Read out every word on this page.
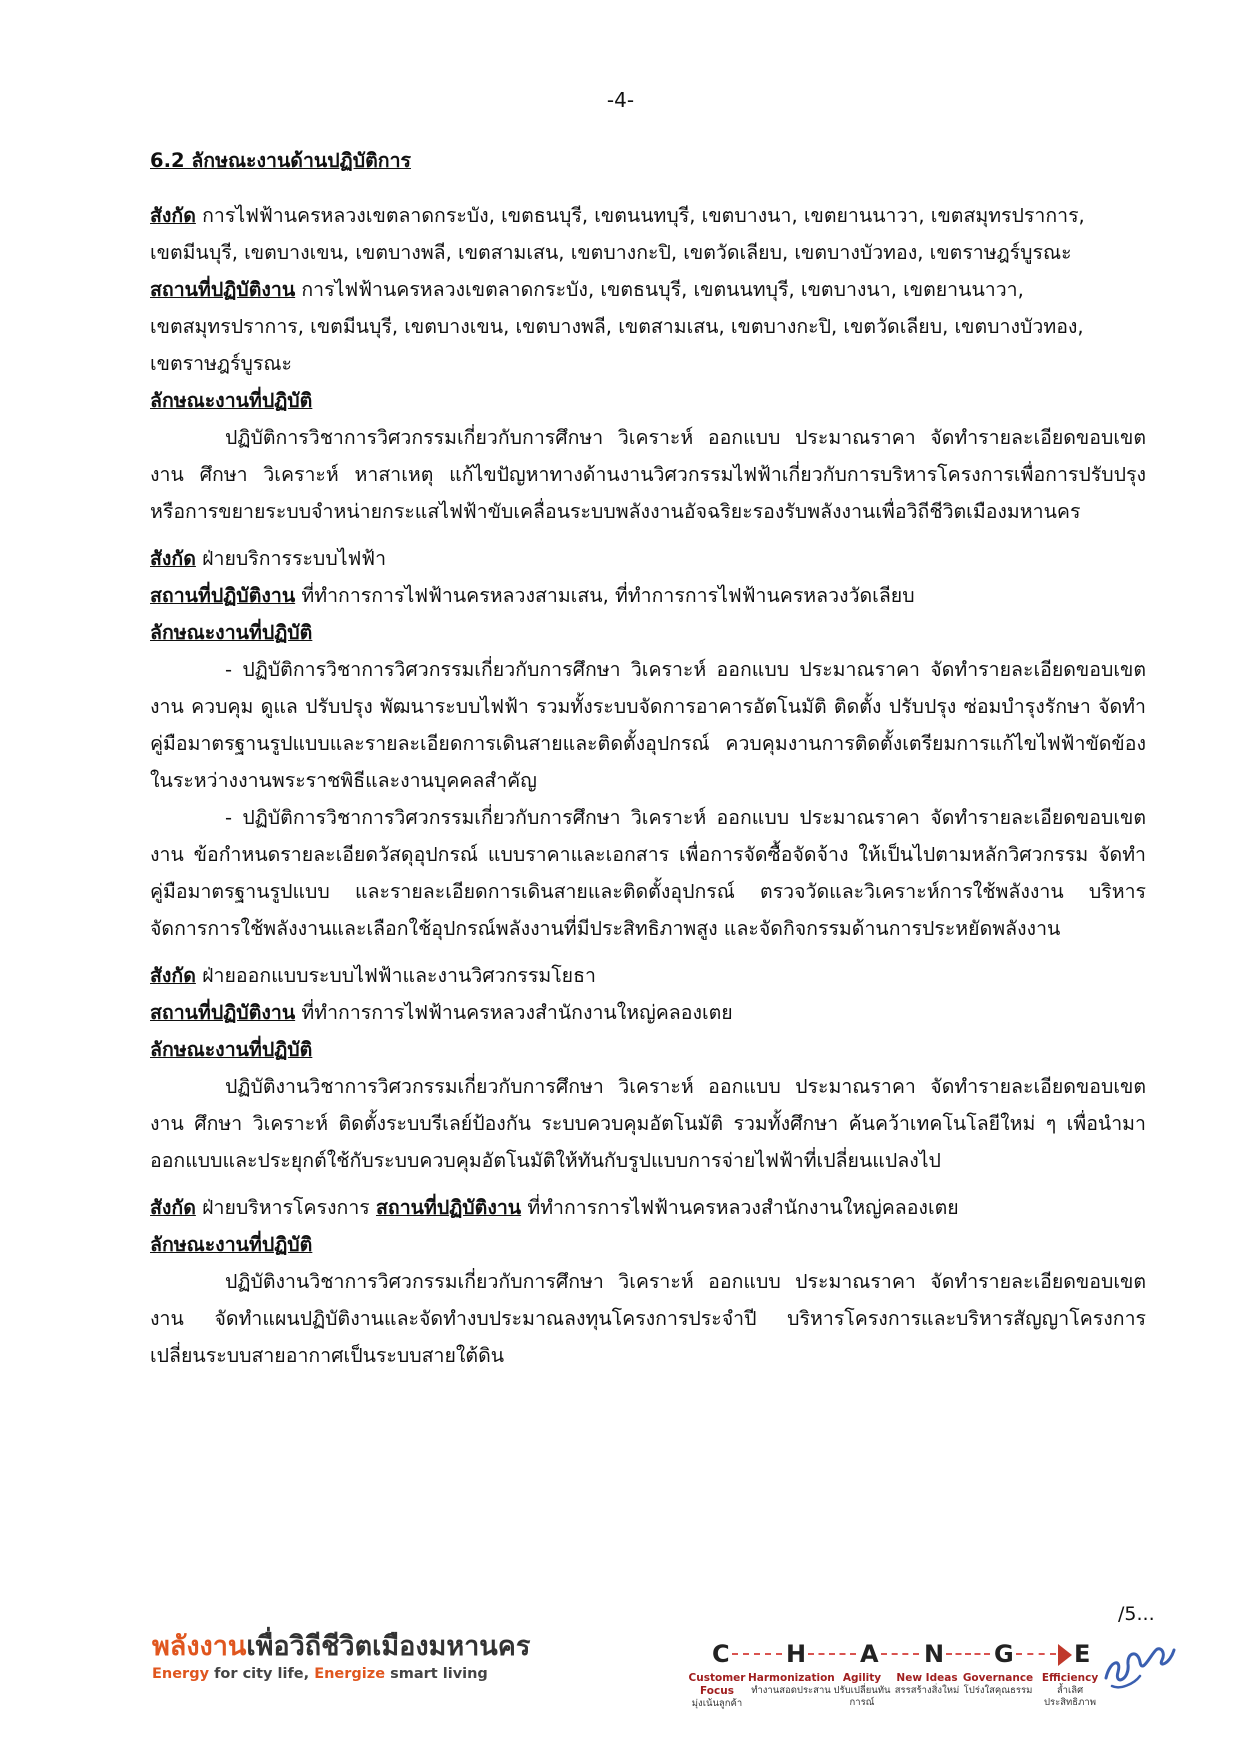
-4-

6.2 ลักษณะงานด้านปฏิบัติการ

สังกัด การไฟฟ้านครหลวงเขตลาดกระบัง, เขตธนบุรี, เขตนนทบุรี, เขตบางนา, เขตยานนาวา, เขตสมุทรปราการ,

เขตมีนบุรี, เขตบางเขน, เขตบางพลี, เขตสามเสน, เขตบางกะปิ, เขตวัดเลียบ, เขตบางบัวทอง, เขตราษฎร์บูรณะ

สถานที่ปฏิบัติงาน การไฟฟ้านครหลวงเขตลาดกระบัง, เขตธนบุรี, เขตนนทบุรี, เขตบางนา, เขตยานนาวา,

เขตสมุทรปราการ, เขตมีนบุรี, เขตบางเขน, เขตบางพลี, เขตสามเสน, เขตบางกะปิ, เขตวัดเลียบ, เขตบางบัวทอง,

เขตราษฎร์บูรณะ

ลักษณะงานที่ปฏิบัติ

ปฏิบัติการวิชาการวิศวกรรมเกี่ยวกับการศึกษา วิเคราะห์ ออกแบบ ประมาณราคา จัดทำรายละเอียดขอบเขตงาน ศึกษา วิเคราะห์ หาสาเหตุ แก้ไขปัญหาทางด้านงานวิศวกรรมไฟฟ้าเกี่ยวกับการบริหารโครงการเพื่อการปรับปรุง หรือการขยายระบบจำหน่ายกระแสไฟฟ้าขับเคลื่อนระบบพลังงานอัจฉริยะรองรับพลังงานเพื่อวิถีชีวิตเมืองมหานคร

สังกัด ฝ่ายบริการระบบไฟฟ้า

สถานที่ปฏิบัติงาน ที่ทำการการไฟฟ้านครหลวงสามเสน, ที่ทำการการไฟฟ้านครหลวงวัดเลียบ

ลักษณะงานที่ปฏิบัติ

- ปฏิบัติการวิชาการวิศวกรรมเกี่ยวกับการศึกษา วิเคราะห์ ออกแบบ ประมาณราคา จัดทำรายละเอียดขอบเขตงาน ควบคุม ดูแล ปรับปรุง พัฒนาระบบไฟฟ้า รวมทั้งระบบจัดการอาคารอัตโนมัติ ติดตั้ง ปรับปรุง ซ่อมบำรุงรักษา จัดทำคู่มือมาตรฐานรูปแบบและรายละเอียดการเดินสายและติดตั้งอุปกรณ์ ควบคุมงานการติดตั้งเตรียมการแก้ไขไฟฟ้าขัดข้องในระหว่างงานพระราชพิธีและงานบุคคลสำคัญ

- ปฏิบัติการวิชาการวิศวกรรมเกี่ยวกับการศึกษา วิเคราะห์ ออกแบบ ประมาณราคา จัดทำรายละเอียดขอบเขตงาน ข้อกำหนดรายละเอียดวัสดุอุปกรณ์ แบบราคาและเอกสาร เพื่อการจัดซื้อจัดจ้าง ให้เป็นไปตามหลักวิศวกรรม จัดทำคู่มือมาตรฐานรูปแบบ และรายละเอียดการเดินสายและติดตั้งอุปกรณ์ ตรวจวัดและวิเคราะห์การใช้พลังงาน บริหารจัดการการใช้พลังงานและเลือกใช้อุปกรณ์พลังงานที่มีประสิทธิภาพสูง และจัดกิจกรรมด้านการประหยัดพลังงาน

สังกัด ฝ่ายออกแบบระบบไฟฟ้าและงานวิศวกรรมโยธา

สถานที่ปฏิบัติงาน ที่ทำการการไฟฟ้านครหลวงสำนักงานใหญ่คลองเตย

ลักษณะงานที่ปฏิบัติ

ปฏิบัติงานวิชาการวิศวกรรมเกี่ยวกับการศึกษา วิเคราะห์ ออกแบบ ประมาณราคา จัดทำรายละเอียดขอบเขตงาน ศึกษา วิเคราะห์ ติดตั้งระบบรีเลย์ป้องกัน ระบบควบคุมอัตโนมัติ รวมทั้งศึกษา ค้นคว้าเทคโนโลยีใหม่ ๆ เพื่อนำมาออกแบบและประยุกต์ใช้กับระบบควบคุมอัตโนมัติให้ทันกับรูปแบบการจ่ายไฟฟ้าที่เปลี่ยนแปลงไป

สังกัด ฝ่ายบริหารโครงการ สถานที่ปฏิบัติงาน ที่ทำการการไฟฟ้านครหลวงสำนักงานใหญ่คลองเตย

ลักษณะงานที่ปฏิบัติ

ปฏิบัติงานวิชาการวิศวกรรมเกี่ยวกับการศึกษา วิเคราะห์ ออกแบบ ประมาณราคา จัดทำรายละเอียดขอบเขตงาน จัดทำแผนปฏิบัติงานและจัดทำงบประมาณลงทุนโครงการประจำปี บริหารโครงการและบริหารสัญญาโครงการเปลี่ยนระบบสายอากาศเป็นระบบสายใต้ดิน

/5...
พลังงานเพื่อวิถีชีวิตเมืองมหานคร
Energy for city life, Energize smart living
C H A N G	E
Customer Focus
มุ่งเน้นลูกค้า
Harmonization
ทำงานสอดประสาน
Agility
ปรับเปลี่ยนทันการณ์
New Ideas
สรรสร้างสิ่งใหม่
Governance
โปร่งใสคุณธรรม
Efficiency
ล้ำเลิศประสิทธิภาพ
